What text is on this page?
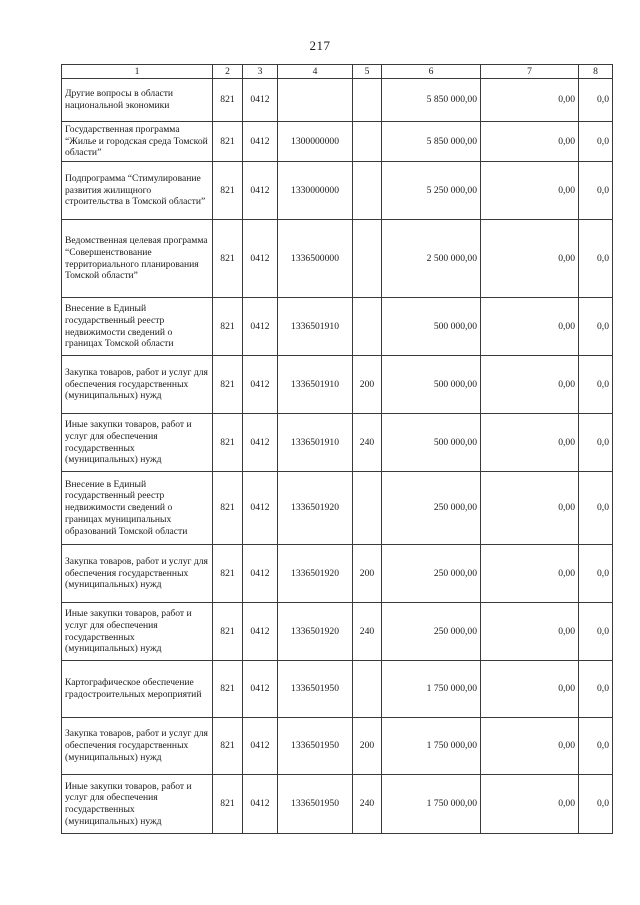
217
1	2	3	4	5	6	7	8
Другие вопросы в области национальной экономики	821	0412			5 850 000,00	0,00	0,0
Государственная программа “Жилье и городская среда Томской области”	821	0412	1300000000		5 850 000,00	0,00	0,0
Подпрограмма “Стимулирование развития жилищного строительства в Томской области”	821	0412	1330000000		5 250 000,00	0,00	0,0
Ведомственная целевая программа “Совершенствование территориального планирования Томской области”	821	0412	1336500000		2 500 000,00	0,00	0,0
Внесение в Единый государственный реестр недвижимости сведений о границах Томской области	821	0412	1336501910		500 000,00	0,00	0,0
Закупка товаров, работ и услуг для обеспечения государственных (муниципальных) нужд	821	0412	1336501910	200	500 000,00	0,00	0,0
Иные закупки товаров, работ и услуг для обеспечения государственных (муниципальных) нужд	821	0412	1336501910	240	500 000,00	0,00	0,0
Внесение в Единый государственный реестр недвижимости сведений о границах муниципальных образований Томской области	821	0412	1336501920		250 000,00	0,00	0,0
Закупка товаров, работ и услуг для обеспечения государственных (муниципальных) нужд	821	0412	1336501920	200	250 000,00	0,00	0,0
Иные закупки товаров, работ и услуг для обеспечения государственных (муниципальных) нужд	821	0412	1336501920	240	250 000,00	0,00	0,0
Картографическое обеспечение градостроительных мероприятий	821	0412	1336501950		1 750 000,00	0,00	0,0
Закупка товаров, работ и услуг для обеспечения государственных (муниципальных) нужд	821	0412	1336501950	200	1 750 000,00	0,00	0,0
Иные закупки товаров, работ и услуг для обеспечения государственных (муниципальных) нужд	821	0412	1336501950	240	1 750 000,00	0,00	0,0
